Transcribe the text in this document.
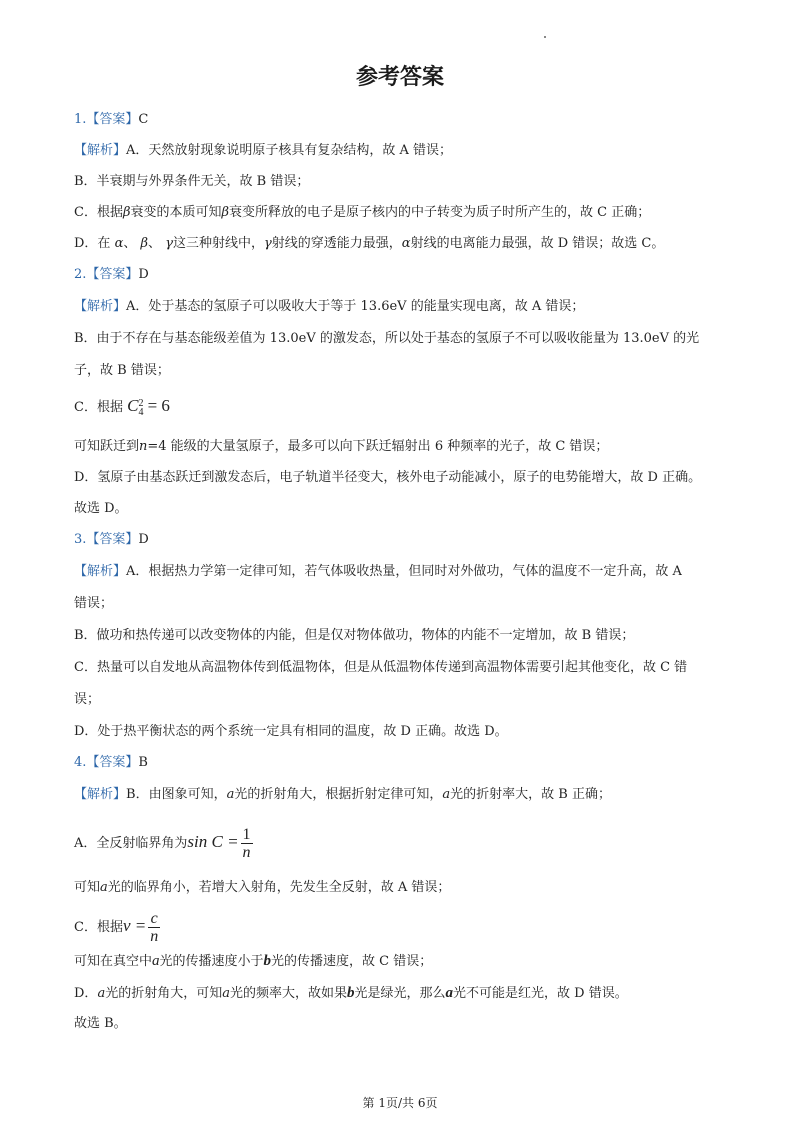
参考答案
1.【答案】C
【解析】A．天然放射现象说明原子核具有复杂结构，故 A 错误；
B．半衰期与外界条件无关，故 B 错误；
C．根据β衰变的本质可知β衰变所释放的电子是原子核内的中子转变为质子时所产生的，故 C 正确；
D．在 α、 β、 γ这三种射线中，γ射线的穿透能力最强，α射线的电离能力最强，故 D 错误；故选 C。
2.【答案】D
【解析】A．处于基态的氢原子可以吸收大于等于 13.6eV 的能量实现电离，故 A 错误；
B．由于不存在与基态能级差值为 13.0eV 的激发态，所以处于基态的氢原子不可以吸收能量为 13.0eV 的光
子，故 B 错误；
C．根据 C 2
4 = 6
可知跃迁到n=4 能级的大量氢原子，最多可以向下跃迁辐射出 6 种频率的光子，故 C 错误；
D．氢原子由基态跃迁到激发态后，电子轨道半径变大，核外电子动能减小，原子的电势能增大，故 D 正确。
故选 D。
3.【答案】D
【解析】A．根据热力学第一定律可知，若气体吸收热量，但同时对外做功，气体的温度不一定升高，故 A
错误；
B．做功和热传递可以改变物体的内能，但是仅对物体做功，物体的内能不一定增加，故 B 错误；
C．热量可以自发地从高温物体传到低温物体，但是从低温物体传递到高温物体需要引起其他变化，故 C 错
误；
D．处于热平衡状态的两个系统一定具有相同的温度，故 D 正确。故选 D。
4.【答案】B
【解析】B．由图象可知，a光的折射角大，根据折射定律可知，a光的折射率大，故 B 正确；
A．全反射临界角为$\sin C = \frac{1}{n}$
可知a光的临界角小，若增大入射角，先发生全反射，故 A 错误；
C．根据$v = \frac{c}{n}$
可知在真空中a光的传播速度小于b光的传播速度，故 C 错误；
D．a光的折射角大，可知a光的频率大，故如果b光是绿光，那么a光不可能是红光，故 D 错误。
故选 B。
第 1页/共 6页
